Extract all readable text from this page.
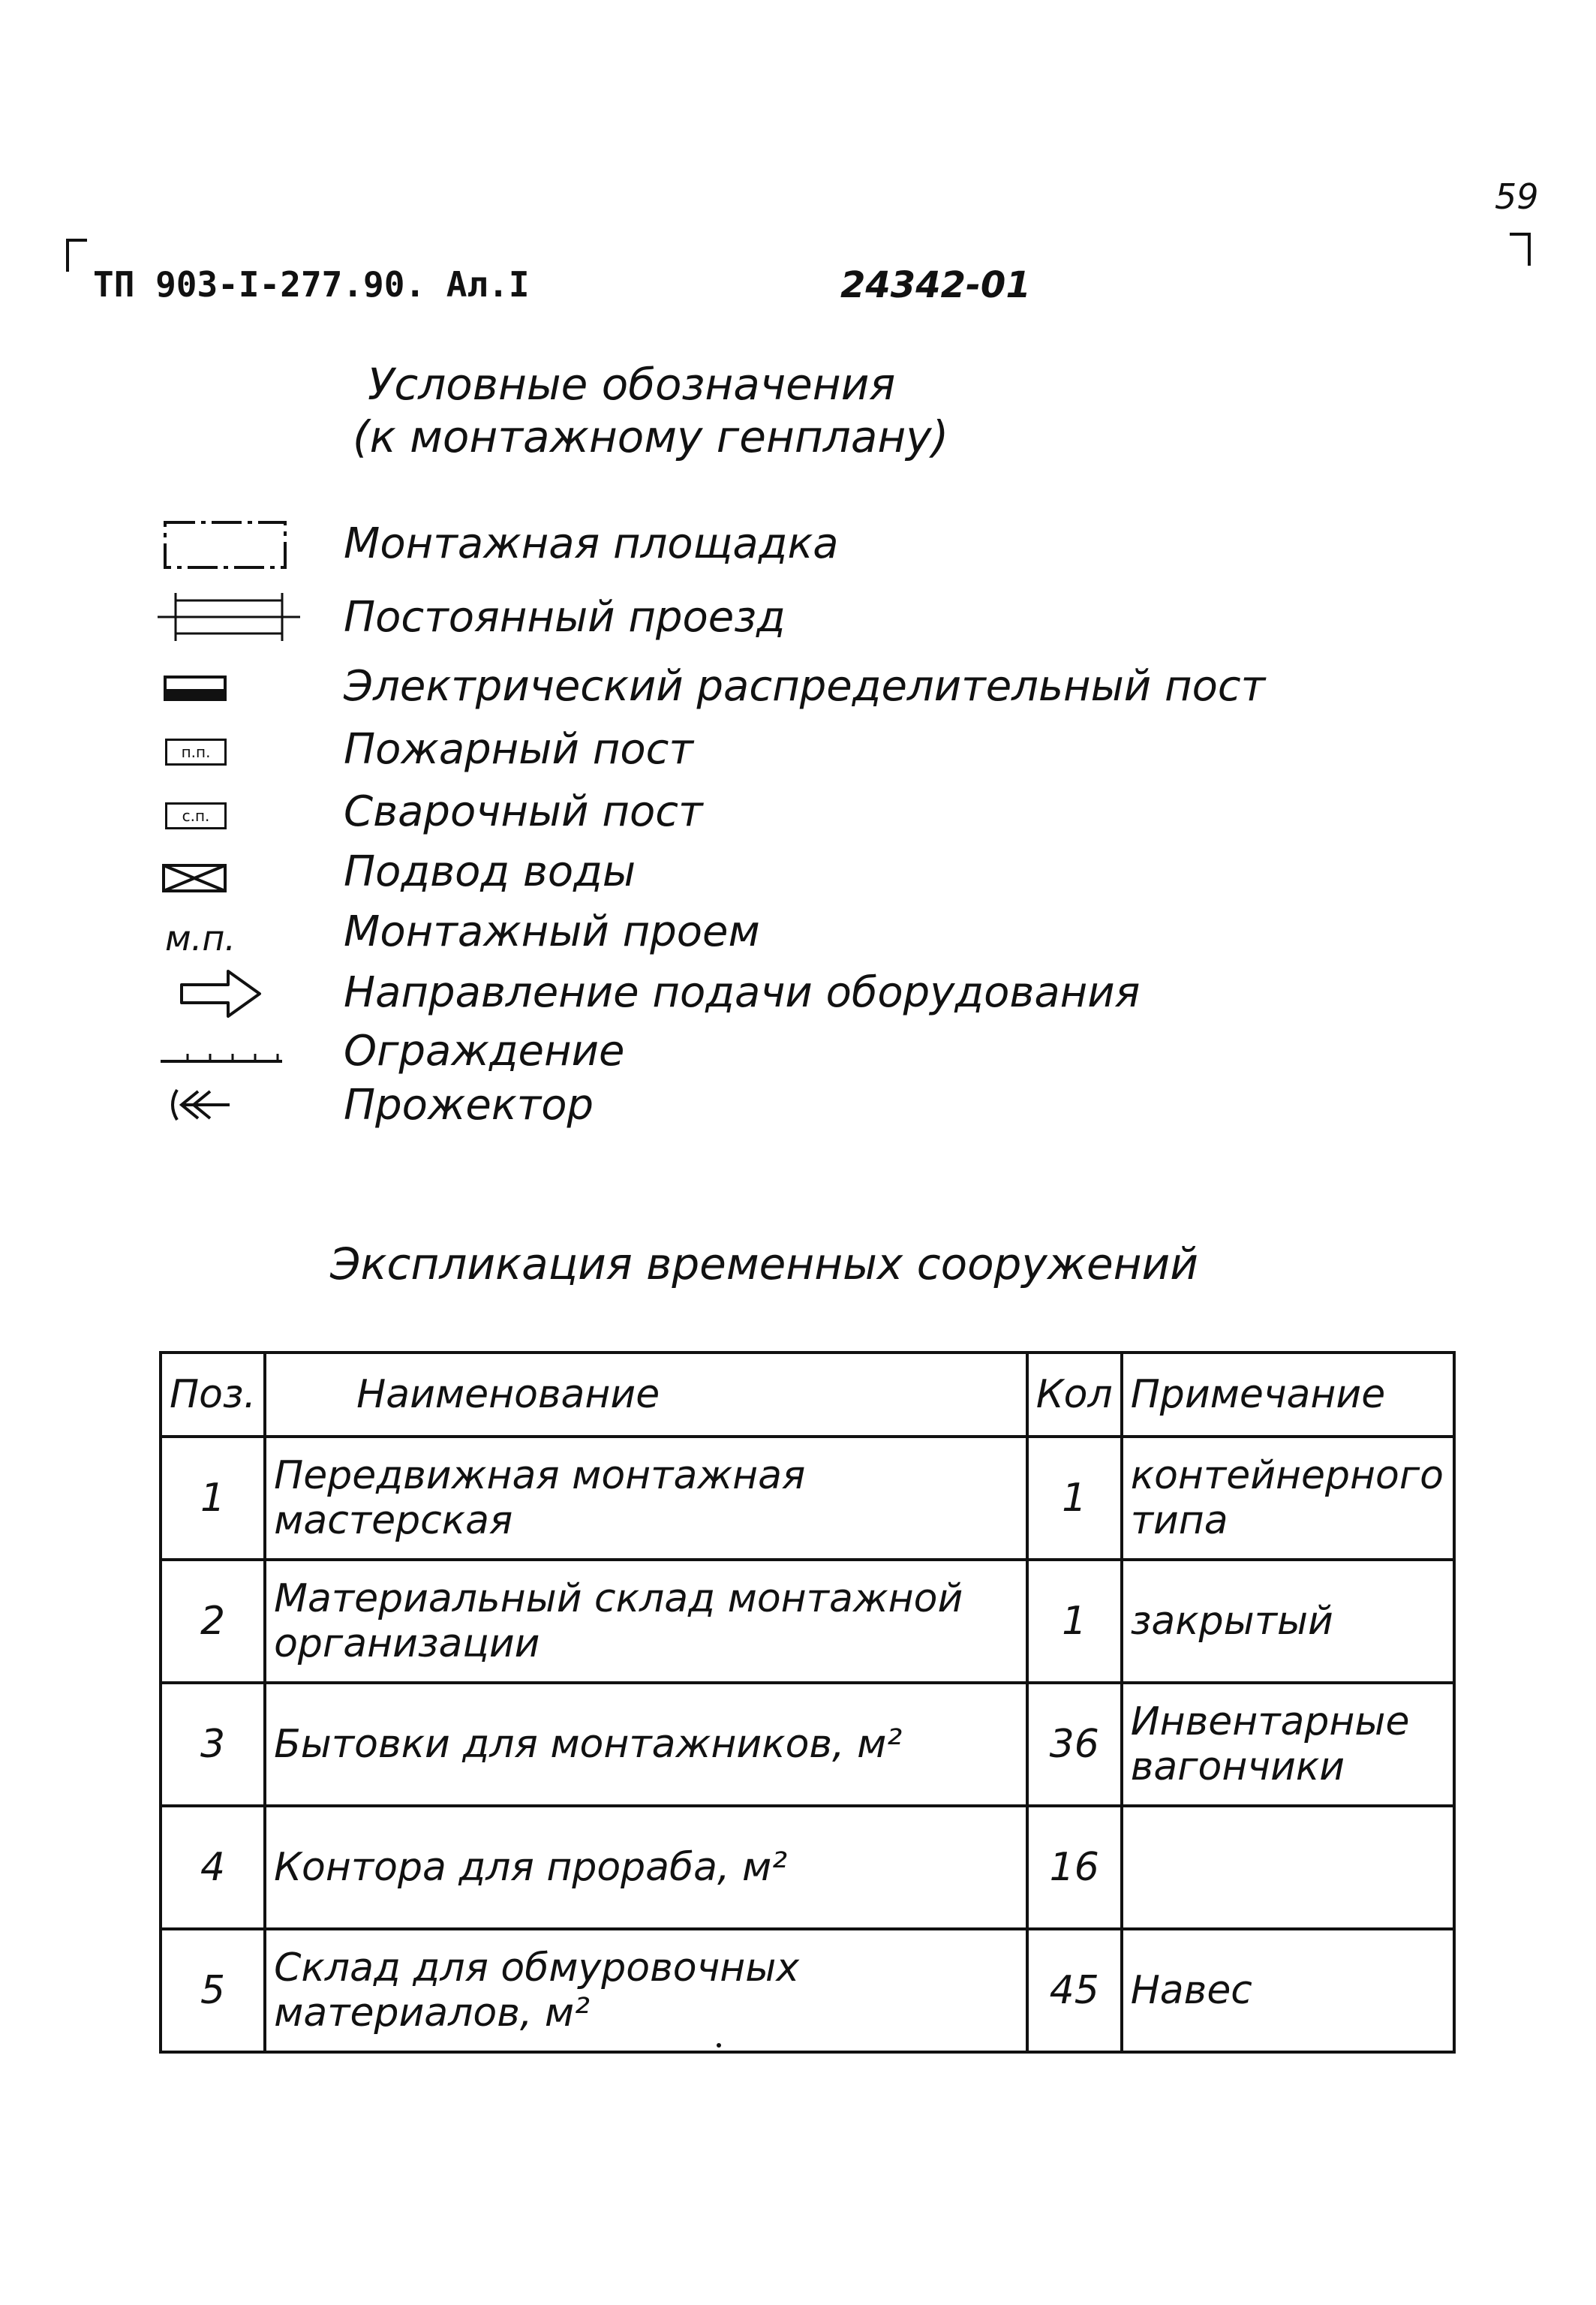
59
ТП 903-I-277.90. Ал.I	24342-01
Условные обозначения
(к монтажному генплану)
Монтажная площадка
Постоянный проезд
Электрический распределительный пост
п.п.	Пожарный пост
с.п.	Сварочный пост
Подвод воды
м.п.	Монтажный проем
Направление подачи оборудования
Ограждение
Прожектор
Экспликация временных сооружений
Поз.	Наименование	Кол	Примечание
1	Передвижная монтажная мастерская	1	контейнерного типа
2	Материальный склад монтажной организации	1	закрытый
3	Бытовки для монтажников, м²	36	Инвентарные вагончики
4	Контора для прораба, м²	16	
5	Склад для обмуровочных материалов, м²	45	Навес
